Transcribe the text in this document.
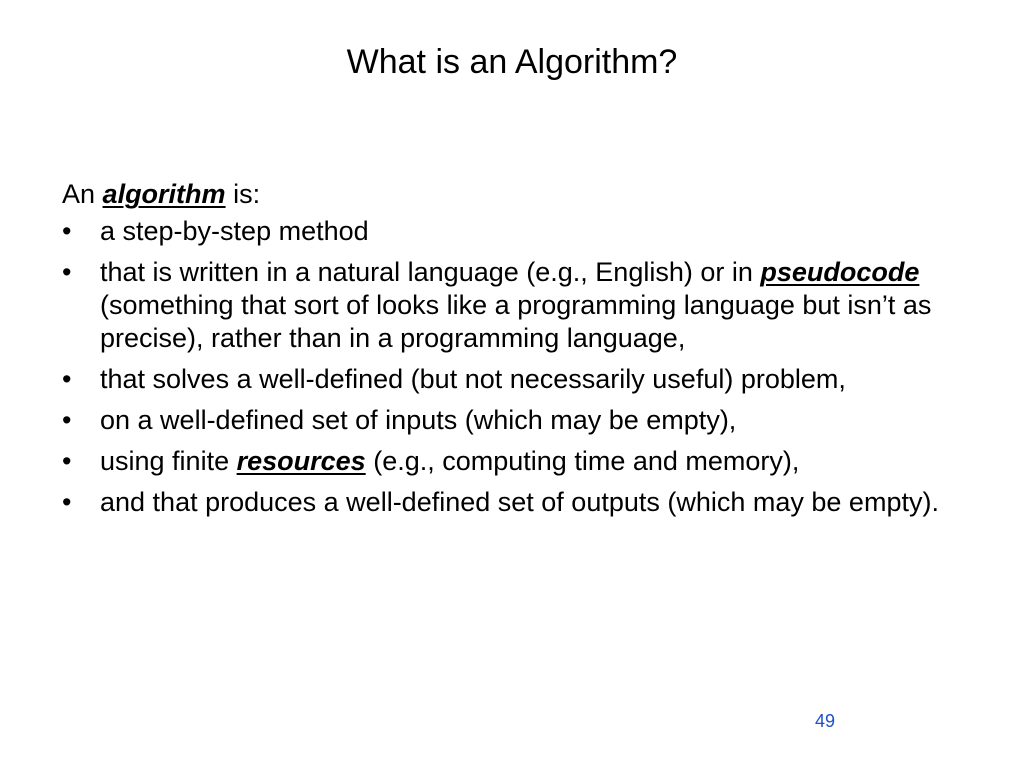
What is an Algorithm?

An algorithm is:

• a step-by-step method
• that is written in a natural language (e.g., English) or in pseudocode (something that sort of looks like a programming language but isn’t as precise), rather than in a programming language,
• that solves a well-defined (but not necessarily useful) problem,
• on a well-defined set of inputs (which may be empty),
• using finite resources (e.g., computing time and memory),
• and that produces a well-defined set of outputs (which may be empty).
49
